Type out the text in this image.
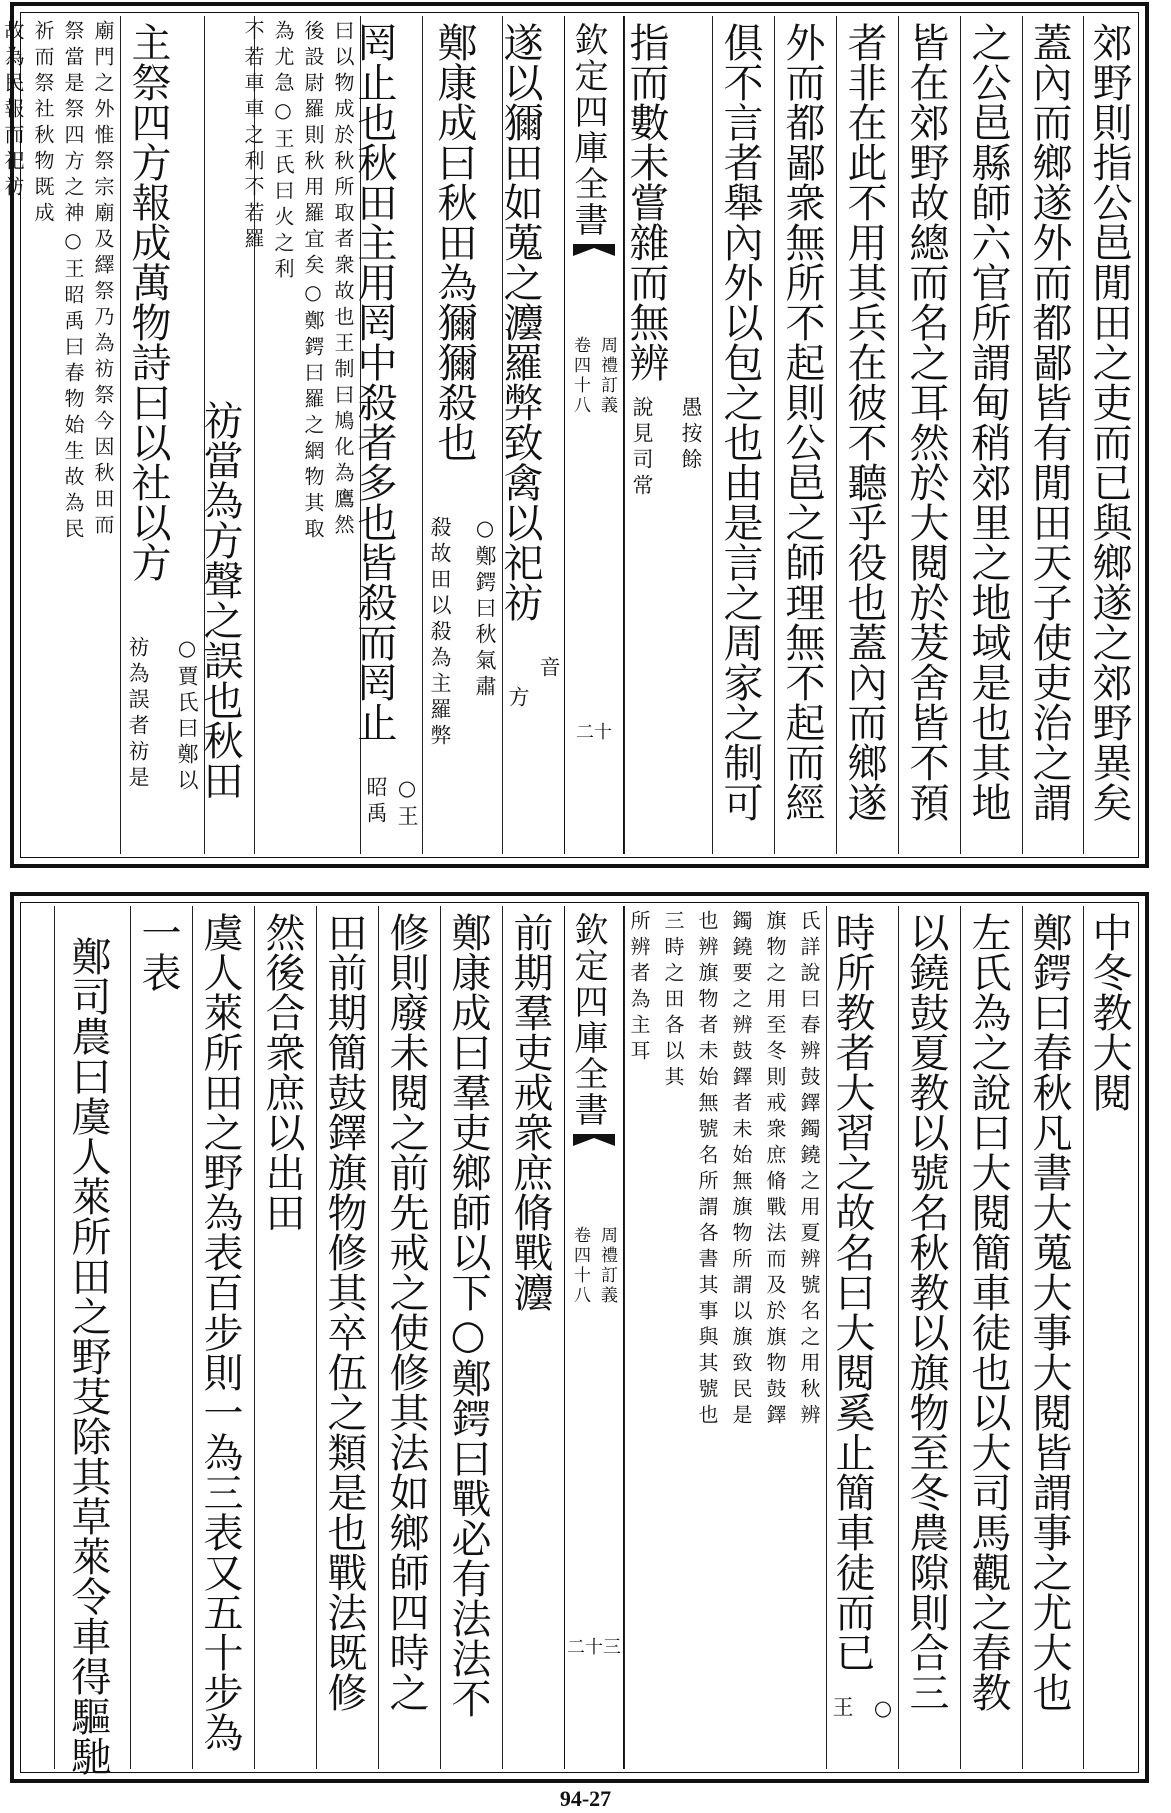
郊野則指公邑閒田之吏而已與鄉遂之郊野異矣
蓋內而鄉遂外而都鄙皆有閒田天子使吏治之謂
之公邑縣師六官所謂甸稍郊里之地域是也其地
皆在郊野故總而名之耳然於大閱於茇舍皆不預
者非在此不用其兵在彼不聽乎役也蓋內而鄉遂
外而都鄙衆無所不起則公邑之師理無不起而經
俱不言者舉內外以包之也由是言之周家之制可
指而數未嘗雜而無辨
愚按餘
說見司常
欽定四庫全書
周禮訂義
卷四十八
二十
遂以獮田如蒐之灋羅弊致禽以祀祊
音
方
鄭康成曰秋田為獮獮殺也
○鄭鍔曰秋氣肅
殺故田以殺為主羅弊
罔止也秋田主用罔中殺者多也皆殺而罔止
○王
昭禹
曰以物成於秋所取者衆故也王制曰鳩化為鷹然
後設尉羅則秋用羅宜矣○鄭鍔曰羅之網物其取
為尤急○王氏曰火之利
不若車車之利不若羅
祊當為方聲之誤也秋田
主祭四方報成萬物詩曰以社以方
○賈氏曰鄭以
祊為誤者祊是
廟門之外惟祭宗廟及繹祭乃為祊祭今因秋田而
祭當是祭四方之神○王昭禹曰春物始生故為民
祈而祭社秋物既成
故為民報而祀祊
中冬教大閱
鄭鍔曰春秋凡書大蒐大事大閱皆謂事之尤大也
左氏為之說曰大閱簡車徒也以大司馬觀之春教
以鐃鼓夏教以號名秋教以旗物至冬農隙則合三
時所教者大習之故名曰大閱奚止簡車徒而已
○
王
氏詳說曰春辨鼓鐸鐲鐃之用夏辨號名之用秋辨
旗物之用至冬則戒衆庶脩戰法而及於旗物鼓鐸
鐲鐃要之辨鼓鐸者未始無旗物所謂以旗致民是
也辨旗物者未始無號名所謂各書其事與其號也
三時之田各以其
所辨者為主耳
欽定四庫全書
周禮訂義
卷四十八
二十三
前期羣吏戒衆庶脩戰灋
鄭康成曰羣吏鄉師以下○鄭鍔曰戰必有法法不
修則廢未閱之前先戒之使修其法如鄉師四時之
田前期簡鼓鐸旗物修其卒伍之類是也戰法既修
然後合衆庶以出田
虞人萊所田之野為表百步則一為三表又五十步為
一表
鄭司農曰虞人萊所田之野芟除其草萊令車得驅馳
94-27
